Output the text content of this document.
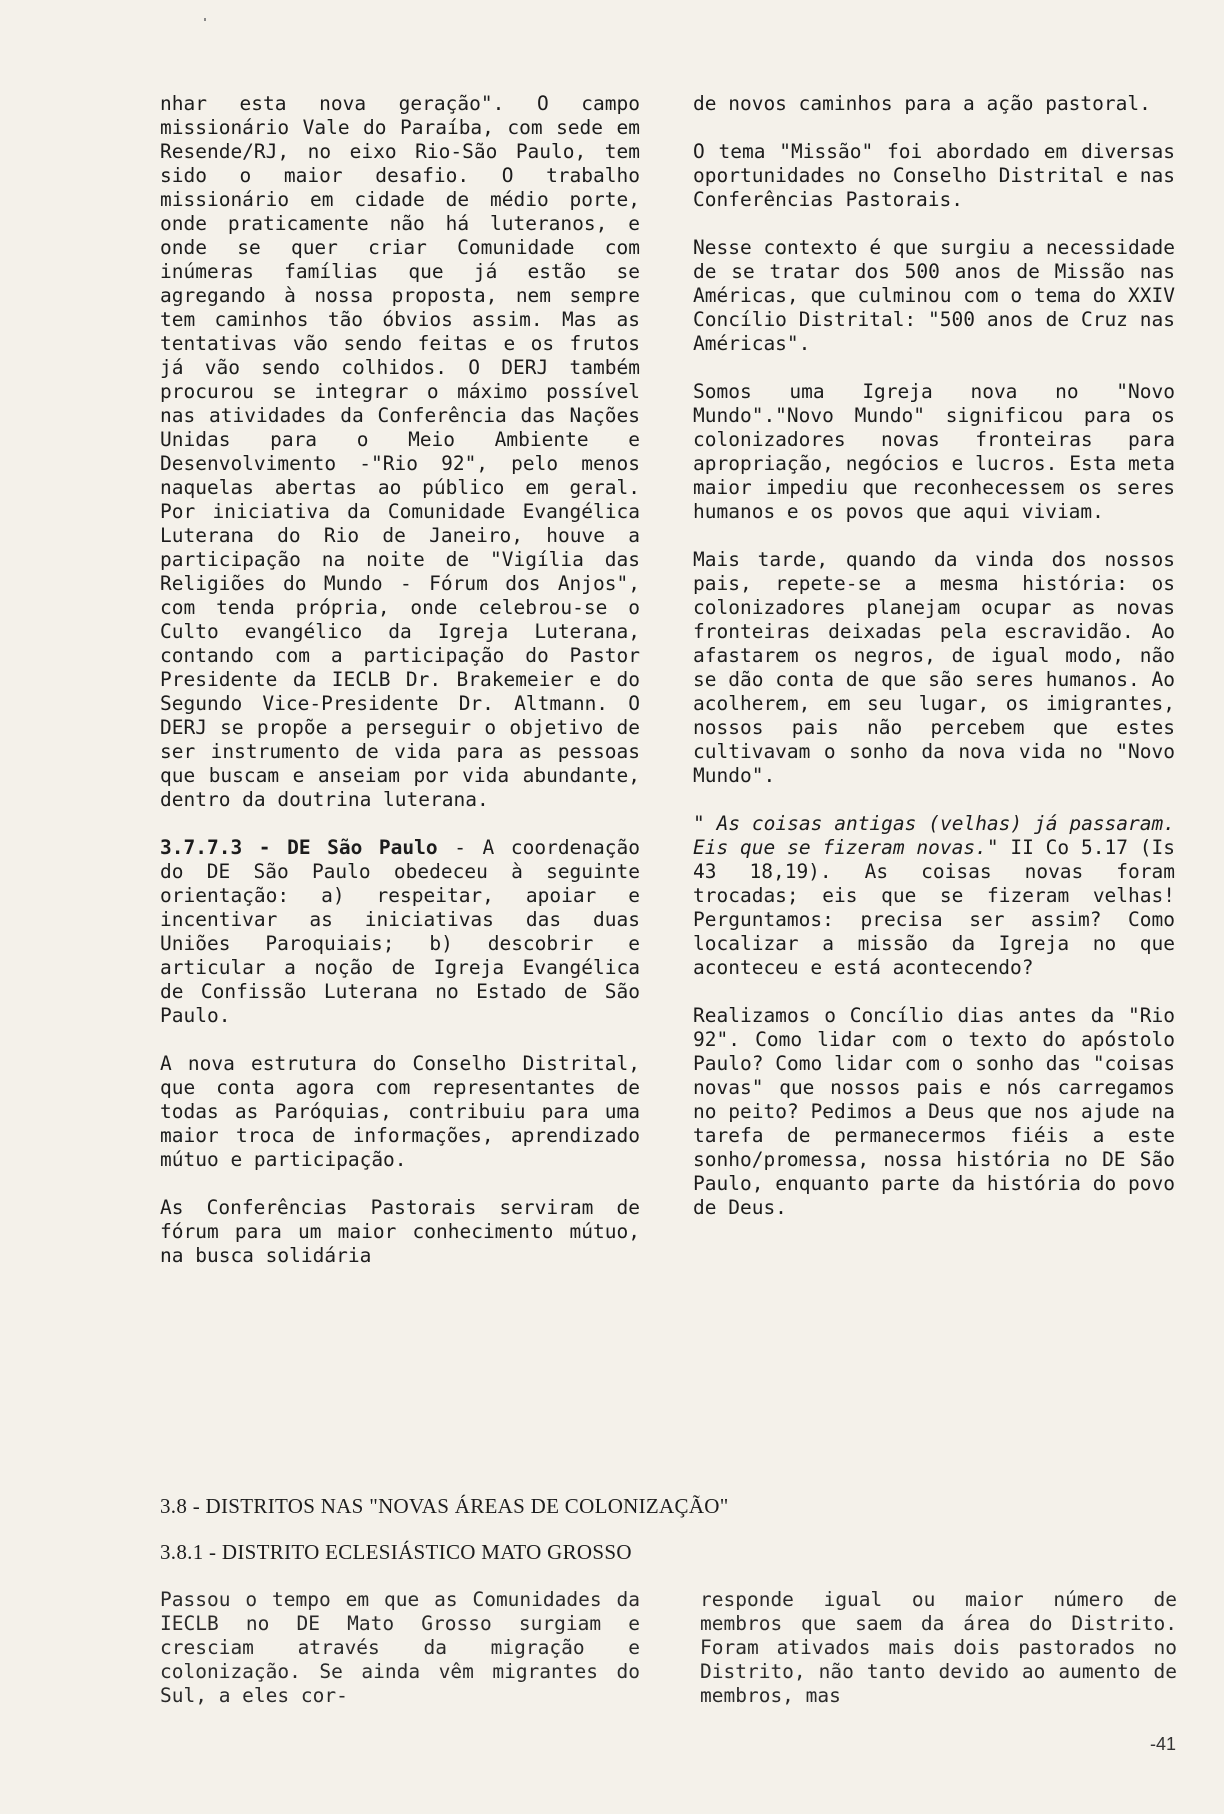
nhar esta nova geração". O campo missionário Vale do Paraíba, com sede em Resende/RJ, no eixo Rio-São Paulo, tem sido o maior desafio. O trabalho missionário em cidade de médio porte, onde praticamente não há luteranos, e onde se quer criar Comunidade com inúmeras famílias que já estão se agregando à nossa proposta, nem sempre tem caminhos tão óbvios assim. Mas as tentativas vão sendo feitas e os frutos já vão sendo colhidos. O DERJ também procurou se integrar o máximo possível nas atividades da Conferência das Nações Unidas para o Meio Ambiente e Desenvolvimento -"Rio 92", pelo menos naquelas abertas ao público em geral. Por iniciativa da Comunidade Evangélica Luterana do Rio de Janeiro, houve a participação na noite de "Vigília das Religiões do Mundo - Fórum dos Anjos", com tenda própria, onde celebrou-se o Culto evangélico da Igreja Luterana, contando com a participação do Pastor Presidente da IECLB Dr. Brakemeier e do Segundo Vice-Presidente Dr. Altmann. O DERJ se propõe a perseguir o objetivo de ser instrumento de vida para as pessoas que buscam e anseiam por vida abundante, dentro da doutrina luterana.

3.7.7.3 - DE São Paulo - A coordenação do DE São Paulo obedeceu à seguinte orientação: a) respeitar, apoiar e incentivar as iniciativas das duas Uniões Paroquiais; b) descobrir e articular a noção de Igreja Evangélica de Confissão Luterana no Estado de São Paulo.

A nova estrutura do Conselho Distrital, que conta agora com representantes de todas as Paróquias, contribuiu para uma maior troca de informações, aprendizado mútuo e participação.

As Conferências Pastorais serviram de fórum para um maior conhecimento mútuo, na busca solidária

de novos caminhos para a ação pastoral.

O tema "Missão" foi abordado em diversas oportunidades no Conselho Distrital e nas Conferências Pastorais.

Nesse contexto é que surgiu a necessidade de se tratar dos 500 anos de Missão nas Américas, que culminou com o tema do XXIV Concílio Distrital: "500 anos de Cruz nas Américas".

Somos uma Igreja nova no "Novo Mundo"."Novo Mundo" significou para os colonizadores novas fronteiras para apropriação, negócios e lucros. Esta meta maior impediu que reconhecessem os seres humanos e os povos que aqui viviam.

Mais tarde, quando da vinda dos nossos pais, repete-se a mesma história: os colonizadores planejam ocupar as novas fronteiras deixadas pela escravidão. Ao afastarem os negros, de igual modo, não se dão conta de que são seres humanos. Ao acolherem, em seu lugar, os imigrantes, nossos pais não percebem que estes cultivavam o sonho da nova vida no "Novo Mundo".

" As coisas antigas (velhas) já passaram. Eis que se fizeram novas." II Co 5.17 (Is 43 18,19). As coisas novas foram trocadas; eis que se fizeram velhas! Perguntamos: precisa ser assim? Como localizar a missão da Igreja no que aconteceu e está acontecendo?

Realizamos o Concílio dias antes da "Rio 92". Como lidar com o texto do apóstolo Paulo? Como lidar com o sonho das "coisas novas" que nossos pais e nós carregamos no peito? Pedimos a Deus que nos ajude na tarefa de permanecermos fiéis a este sonho/promessa, nossa história no DE São Paulo, enquanto parte da história do povo de Deus.

3.8 - DISTRITOS NAS "NOVAS ÁREAS DE COLONIZAÇÃO"
3.8.1 - DISTRITO ECLESIÁSTICO MATO GROSSO
Passou o tempo em que as Comunidades da IECLB no DE Mato Grosso surgiam e cresciam através da migração e colonização. Se ainda vêm migrantes do Sul, a eles cor-
responde igual ou maior número de membros que saem da área do Distrito. Foram ativados mais dois pastorados no Distrito, não tanto devido ao aumento de membros, mas
-41
